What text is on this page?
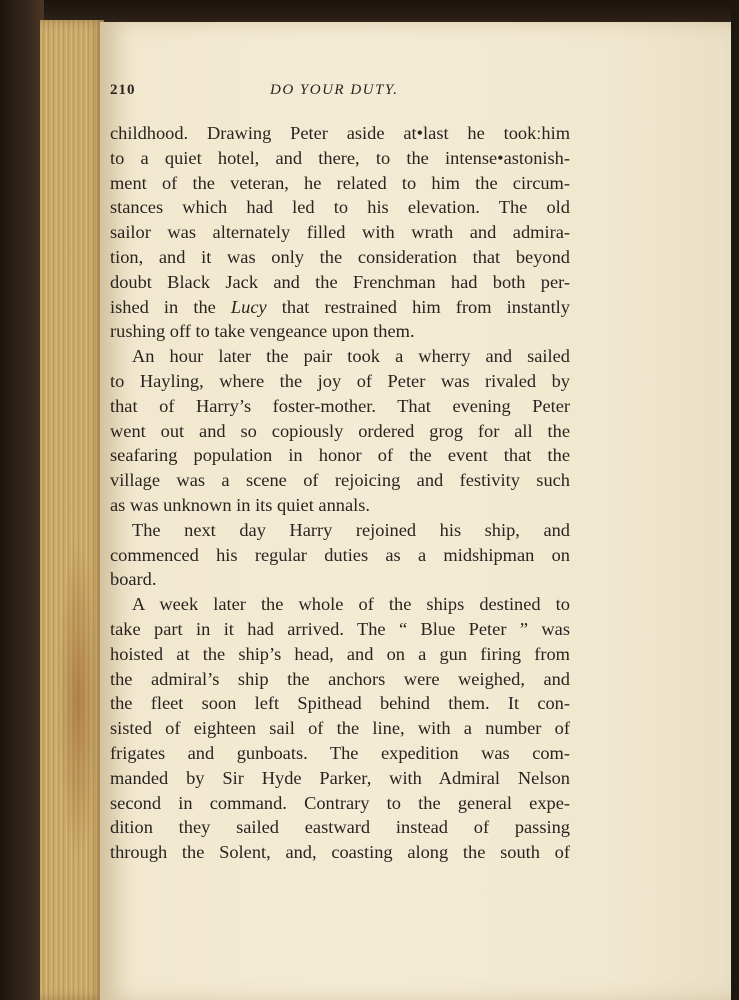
210	DO YOUR DUTY.
childhood. Drawing Peter aside at•last he tookːhim
to a quiet hotel, and there, to the intense•astonish-
ment of the veteran, he related to him the circum-
stances which had led to his elevation. The old
sailor was alternately filled with wrath and admira-
tion, and it was only the consideration that beyond
doubt Black Jack and the Frenchman had both per-
ished in the Lucy that restrained him from instantly
rushing off to take vengeance upon them.
An hour later the pair took a wherry and sailed
to Hayling, where the joy of Peter was rivaled by
that of Harry’s foster-mother. That evening Peter
went out and so copiously ordered grog for all the
seafaring population in honor of the event that the
village was a scene of rejoicing and festivity such
as was unknown in its quiet annals.
The next day Harry rejoined his ship, and
commenced his regular duties as a midshipman on
board.
A week later the whole of the ships destined to
take part in it had arrived. The “ Blue Peter ” was
hoisted at the ship’s head, and on a gun firing from
the admiral’s ship the anchors were weighed, and
the fleet soon left Spithead behind them. It con-
sisted of eighteen sail of the line, with a number of
frigates and gunboats. The expedition was com-
manded by Sir Hyde Parker, with Admiral Nelson
second in command. Contrary to the general expe-
dition they sailed eastward instead of passing
through the Solent, and, coasting along the south of
